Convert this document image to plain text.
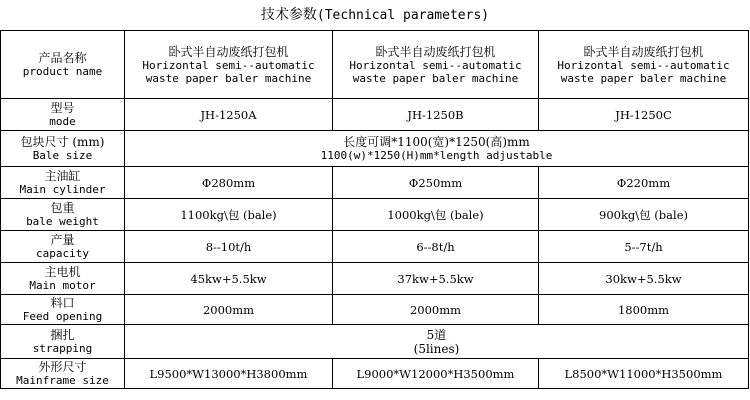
技术参数(Technical parameters)
产品名称
product name	卧式半自动废纸打包机
Horizontal semi--automatic
waste paper baler machine	卧式半自动废纸打包机
Horizontal semi--automatic
waste paper baler machine	卧式半自动废纸打包机
Horizontal semi--automatic
waste paper baler machine

型号
mode	JH-1250A	JH-1250B	JH-1250C

包块尺寸 (mm)
Bale size	长度可调*1100(宽)*1250(高)mm
1100(w)*1250(H)mm*length adjustable		

主油缸
Main cylinder	Φ280mm	Φ250mm	Φ220mm

包重
bale weight	1100kg\包 (bale)	1000kg\包 (bale)	900kg\包 (bale)

产量
capacity	8--10t/h	6--8t/h	5--7t/h

主电机
Main motor	45kw+5.5kw	37kw+5.5kw	30kw+5.5kw

料口
Feed opening	2000mm	2000mm	1800mm

捆扎
strapping	5道
(5lines)		

外形尺寸
Mainframe size	L9500*W13000*H3800mm	L9000*W12000*H3500mm	L8500*W11000*H3500mm
